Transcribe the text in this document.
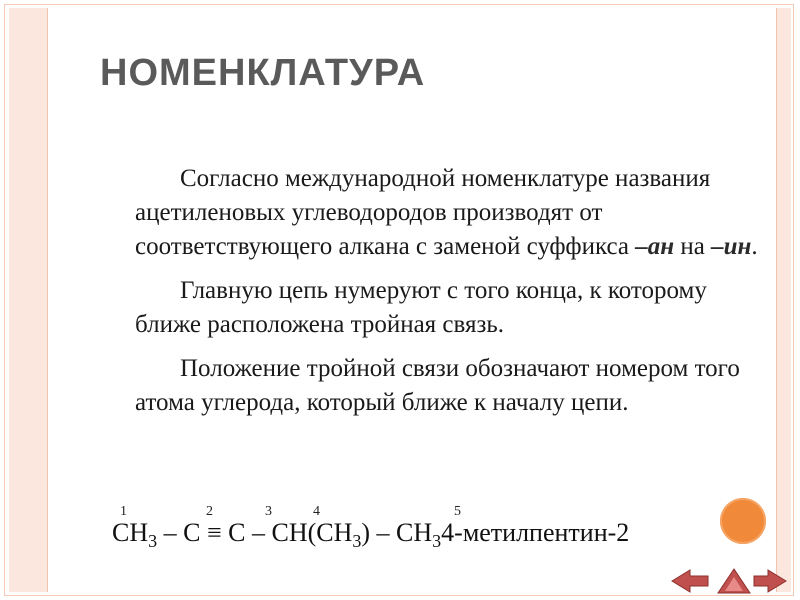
НОМЕНКЛАТУРА

Согласно международной номенклатуре названия ацетиленовых углеводородов производят от соответствующего алкана с заменой суффикса –ан на –ин.

Главную цепь нумеруют с того конца, к которому ближе расположена тройная связь.

Положение тройной связи обозначают номером того атома углерода, который ближе к началу цепи.

1	2	3	4	5
$CH_3 - C \equiv C - CH(CH_3)$ – $CH_34-метилпентин-2$
